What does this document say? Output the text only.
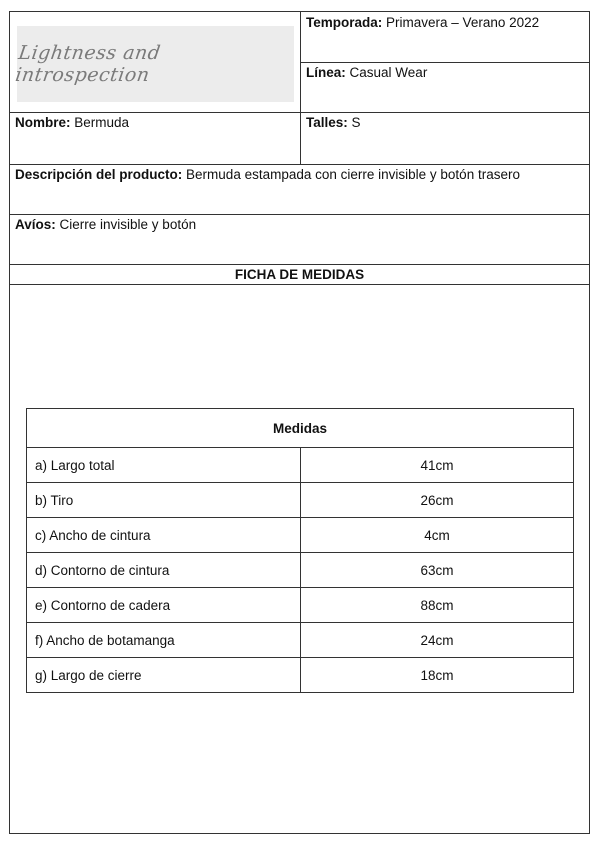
Lightness and introspection
Temporada: Primavera – Verano 2022
Línea: Casual Wear
Nombre: Bermuda	Talles: S
Descripción del producto: Bermuda estampada con cierre invisible y botón trasero
Avíos: Cierre invisible y botón
FICHA DE MEDIDAS
Medidas	
a) Largo total	41cm
b) Tiro	26cm
c) Ancho de cintura	4cm
d) Contorno de cintura	63cm
e) Contorno de cadera	88cm
f) Ancho de botamanga	24cm
g) Largo de cierre	18cm
